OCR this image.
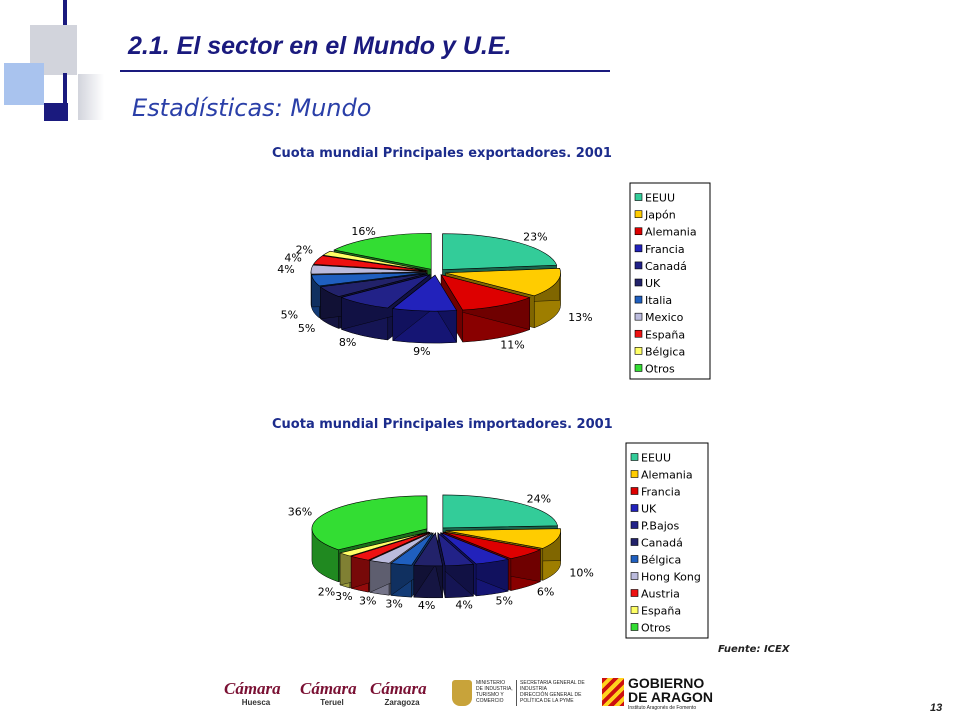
2.1. El sector en el Mundo y U.E.
Estadísticas: Mundo
Cuota mundial Principales exportadores. 2001
Cuota mundial Principales importadores. 2001
23%
13%
11%
9%
8%
5%
5%
4%
4%
2%
16%
EEUU
Japón
Alemania
Francia
Canadá
UK
Italia
Mexico
España
Bélgica
Otros
24%
10%
6%
5%
4%
4%
3%
3%
3%
2%
36%
EEUU
Alemania
Francia
UK
P.Bajos
Canadá
Bélgica
Hong Kong
Austria
España
Otros
Fuente: ICEX
13
Cámara
Huesca
Cámara
Teruel
Cámara
Zaragoza
MINISTERIO
DE INDUSTRIA,
TURISMO Y
COMERCIO
SECRETARIA GENERAL DE
INDUSTRIA
DIRECCIÓN GENERAL DE
POLÍTICA DE LA PYME
GOBIERNO
DE ARAGON
Instituto Aragonés de Fomento
